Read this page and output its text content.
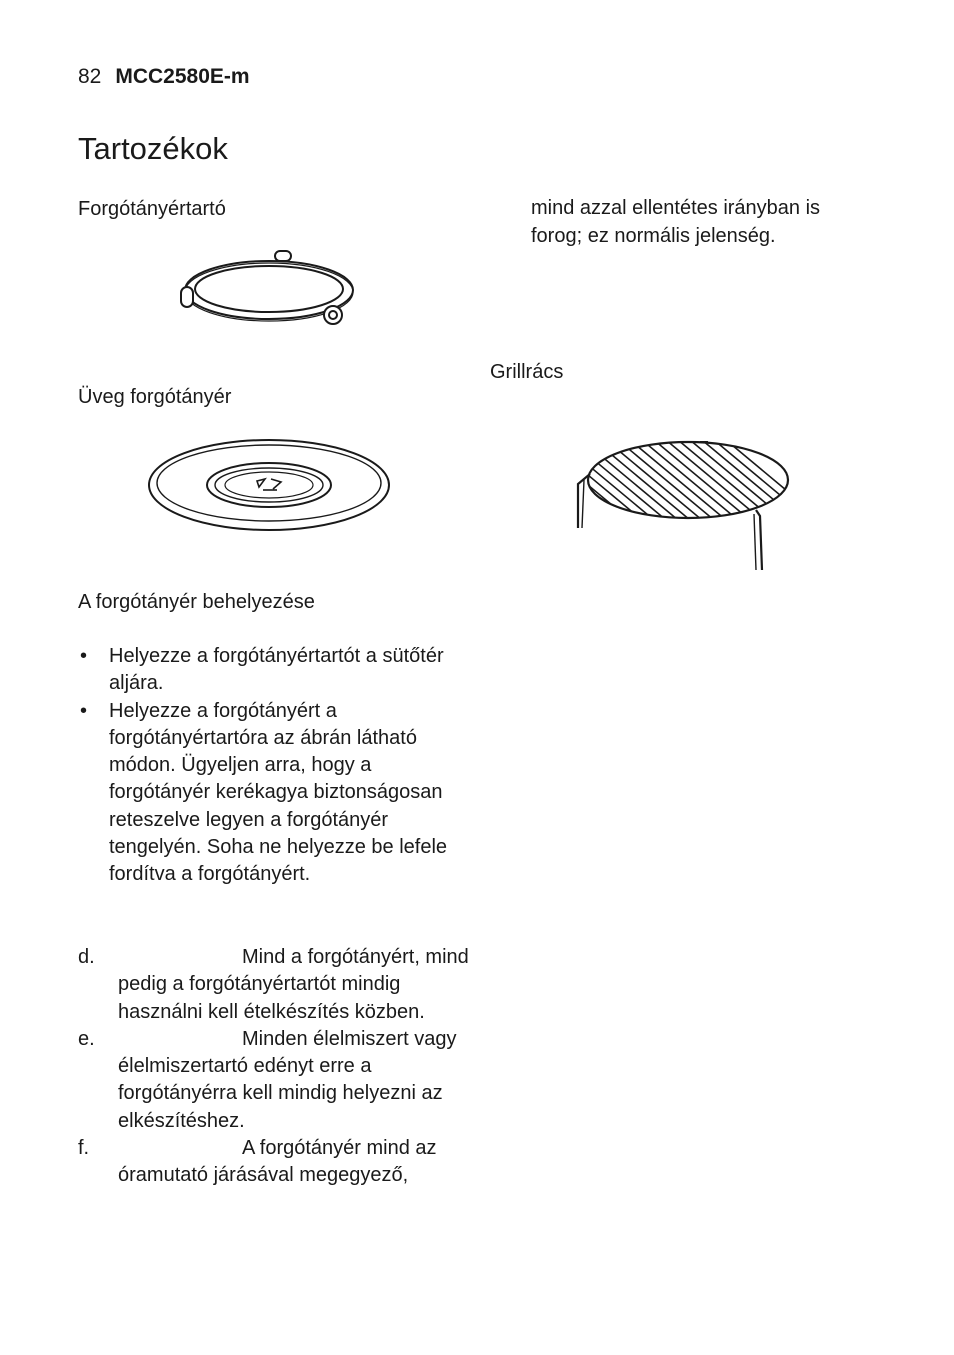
82 MCC2580E-m
Tartozékok
Forgótányértartó
Üveg forgótányér
A forgótányér behelyezése
• Helyezze a forgótányértartót a sütőtér aljára.
• Helyezze a forgótányért a forgótányértartóra az ábrán látható módon. Ügyeljen arra, hogy a forgótányér kerékagya biztonságosan reteszelve legyen a forgótányér tengelyén. Soha ne helyezze be lefele fordítva a forgótányért.
d.	Mind a forgótányért, mind pedig a forgótányértartót mindig használni kell ételkészítés közben.
e.	Minden élelmiszert vagy élelmiszertartó edényt erre a forgótányérra kell mindig helyezni az elkészítéshez.
f.	A forgótányér mind az óramutató járásával megegyező,
mind azzal ellentétes irányban is forog; ez normális jelenség.
Grillrács
